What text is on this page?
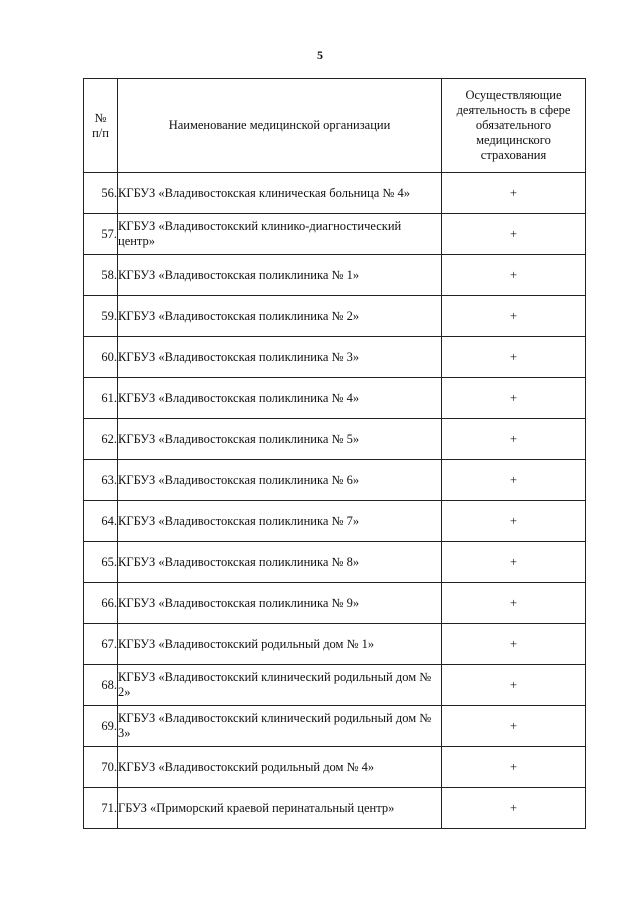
5
№
п/п	Наименование медицинской организации	Осуществляющие деятельность в сфере обязательного медицинского страхования
56.	КГБУЗ «Владивостокская клиническая больница № 4»	+
57.	КГБУЗ «Владивостокский клинико-диагностический центр»	+
58.	КГБУЗ «Владивостокская поликлиника № 1»	+
59.	КГБУЗ «Владивостокская поликлиника № 2»	+
60.	КГБУЗ «Владивостокская поликлиника № 3»	+
61.	КГБУЗ «Владивостокская поликлиника № 4»	+
62.	КГБУЗ «Владивостокская поликлиника № 5»	+
63.	КГБУЗ «Владивостокская поликлиника № 6»	+
64.	КГБУЗ «Владивостокская поликлиника № 7»	+
65.	КГБУЗ «Владивостокская поликлиника № 8»	+
66.	КГБУЗ «Владивостокская поликлиника № 9»	+
67.	КГБУЗ «Владивостокский родильный дом № 1»	+
68.	КГБУЗ «Владивостокский клинический родильный дом № 2»	+
69.	КГБУЗ «Владивостокский клинический родильный дом № 3»	+
70.	КГБУЗ «Владивостокский родильный дом № 4»	+
71.	ГБУЗ «Приморский краевой перинатальный центр»	+
